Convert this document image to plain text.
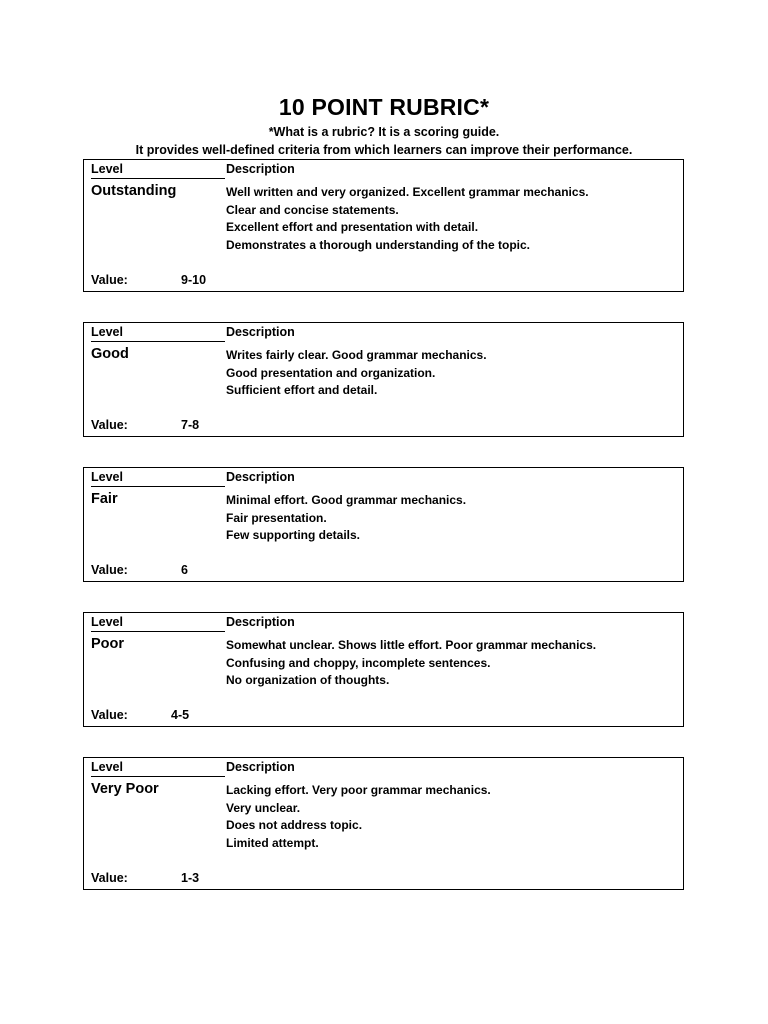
10 POINT RUBRIC*
*What is a rubric? It is a scoring guide.
It provides well-defined criteria from which learners can improve their performance.
Level	Description
Outstanding	Well written and very organized. Excellent grammar mechanics.
Clear and concise statements.
Excellent effort and presentation with detail.
Demonstrates a thorough understanding of the topic.
Value:	9-10
Level	Description
Good	Writes fairly clear. Good grammar mechanics.
Good presentation and organization.
Sufficient effort and detail.
Value:	7-8
Level	Description
Fair	Minimal effort. Good grammar mechanics.
Fair presentation.
Few supporting details.
Value:	6
Level	Description
Poor	Somewhat unclear. Shows little effort. Poor grammar mechanics.
Confusing and choppy, incomplete sentences.
No organization of thoughts.
Value:	4-5
Level	Description
Very Poor	Lacking effort. Very poor grammar mechanics.
Very unclear.
Does not address topic.
Limited attempt.
Value:	1-3
